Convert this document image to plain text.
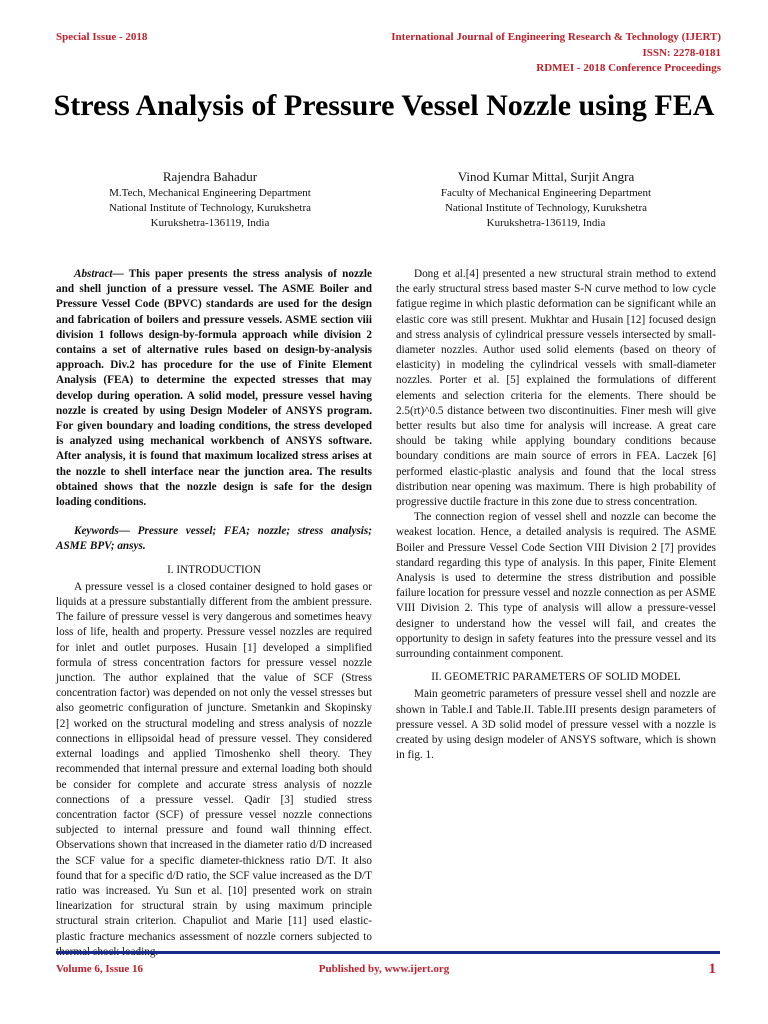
Special Issue - 2018	International Journal of Engineering Research & Technology (IJERT)
ISSN: 2278-0181
RDMEI - 2018 Conference Proceedings
Stress Analysis of Pressure Vessel Nozzle using FEA
Rajendra Bahadur
M.Tech, Mechanical Engineering Department
National Institute of Technology, Kurukshetra
Kurukshetra-136119, India
Vinod Kumar Mittal, Surjit Angra
Faculty of Mechanical Engineering Department
National Institute of Technology, Kurukshetra
Kurukshetra-136119, India

Abstract— This paper presents the stress analysis of nozzle and shell junction of a pressure vessel. The ASME Boiler and Pressure Vessel Code (BPVC) standards are used for the design and fabrication of boilers and pressure vessels. ASME section viii division 1 follows design-by-formula approach while division 2 contains a set of alternative rules based on design-by-analysis approach. Div.2 has procedure for the use of Finite Element Analysis (FEA) to determine the expected stresses that may develop during operation. A solid model, pressure vessel having nozzle is created by using Design Modeler of ANSYS program. For given boundary and loading conditions, the stress developed is analyzed using mechanical workbench of ANSYS software. After analysis, it is found that maximum localized stress arises at the nozzle to shell interface near the junction area. The results obtained shows that the nozzle design is safe for the design loading conditions.

Keywords— Pressure vessel; FEA; nozzle; stress analysis; ASME BPV; ansys.

I. INTRODUCTION

A pressure vessel is a closed container designed to hold gases or liquids at a pressure substantially different from the ambient pressure. The failure of pressure vessel is very dangerous and sometimes heavy loss of life, health and property. Pressure vessel nozzles are required for inlet and outlet purposes. Husain [1] developed a simplified formula of stress concentration factors for pressure vessel nozzle junction. The author explained that the value of SCF (Stress concentration factor) was depended on not only the vessel stresses but also geometric configuration of juncture. Smetankin and Skopinsky [2] worked on the structural modeling and stress analysis of nozzle connections in ellipsoidal head of pressure vessel. They considered external loadings and applied Timoshenko shell theory. They recommended that internal pressure and external loading both should be consider for complete and accurate stress analysis of nozzle connections of a pressure vessel. Qadir [3] studied stress concentration factor (SCF) of pressure vessel nozzle connections subjected to internal pressure and found wall thinning effect. Observations shown that increased in the diameter ratio d/D increased the SCF value for a specific diameter-thickness ratio D/T. It also found that for a specific d/D ratio, the SCF value increased as the D/T ratio was increased. Yu Sun et al. [10] presented work on strain linearization for structural strain by using maximum principle structural strain criterion. Chapuliot and Marie [11] used elastic-plastic fracture mechanics assessment of nozzle corners subjected to

Dong et al.[4] presented a new structural strain method to extend the early structural stress based master S-N curve method to low cycle fatigue regime in which plastic deformation can be significant while an elastic core was still present. Mukhtar and Husain [12] focused design and stress analysis of cylindrical pressure vessels intersected by small-diameter nozzles. Author used solid elements (based on theory of elasticity) in modeling the cylindrical vessels with small-diameter nozzles. Porter et al. [5] explained the formulations of different elements and selection criteria for the elements. There should be 2.5(rt)^0.5 distance between two discontinuities. Finer mesh will give better results but also time for analysis will increase. A great care should be taking while applying boundary conditions because boundary conditions are main source of errors in FEA. Laczek [6] performed elastic-plastic analysis and found that the local stress distribution near opening was maximum. There is high probability of progressive ductile fracture in this zone due to stress concentration.

The connection region of vessel shell and nozzle can become the weakest location. Hence, a detailed analysis is required. The ASME Boiler and Pressure Vessel Code Section VIII Division 2 [7] provides standard regarding this type of analysis. In this paper, Finite Element Analysis is used to determine the stress distribution and possible failure location for pressure vessel and nozzle connection as per ASME VIII Division 2. This type of analysis will allow a pressure-vessel designer to understand how the vessel will fail, and creates the opportunity to design in safety features into the pressure vessel and its surrounding containment component.

II. GEOMETRIC PARAMETERS OF SOLID MODEL

Main geometric parameters of pressure vessel shell and nozzle are shown in Table.I and Table.II. Table.III presents design parameters of pressure vessel. A 3D solid model of pressure vessel with a nozzle is created by using design modeler of ANSYS software, which is shown in fig. 1.

Volume 6, Issue 16	Published by, www.ijert.org	1
